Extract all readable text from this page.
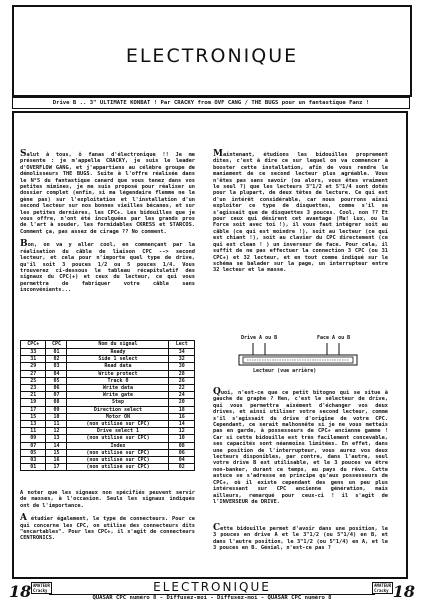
ELECTRONIQUE
Drive B .. 3" ULTIMATE KONBAT ! Par CRACKY from OVF CANG / THE BUGS pour un fantastique Fanz !

Salut à tous, ô fanas d'électronique !! Je me présente : je m'appelle CRACKY, je suis le leader d'OVERFLOW GANG, et j'appartiens au célèbre groupe de démolisseurs THE BUGS. Suite à l'offre réalisée dans le N°5 du fantastique canard que vous tenez dans vos petites mimines, je me suis proposé pour réaliser un dossier complet (enfin, si ma légendaire flemme ne le gène pas) sur l'exploitation et l'installation d'un second lecteur sur nos bonnes vieilles bécanes, et sur les petites dernières, les CPC+. Les bidouilles que je vous offre, n'ont été inculquées par les grands pros de l'art à souder, les formidables CKRESS et STARCOS. Comment ça, pas assez de cirage ?? No comment.

Bon, on va y aller cool, en commençant par la réalisation du câble de liaison CPC --> second lecteur, et cela pour n'importe quel type de drive, qu'il soit 3 pouces 1/2 ou 5 pouces 1/4. Vous trouverez ci-dessous le tableau récapitulatif des signaux du CPC(+) et ceux du lecteur, ce qui vous permettra de fabriquer votre câble sans inconvénients...

CPC+	CPC	Nom du signal	Lect
33	01	Ready	34
31	02	Side 1 select	32
29	03	Read data	30
27	04	Write protect	28
25	05	Track 0	26
23	06	Write data	22
21	07	Write gate	24
19	08	Step	20
17	09	Direction select	18
15	10	Motor ON	16
13	11	(non utilisé sur CPC)	14
11	12	Drive select 1	12
09	13	(non utilisé sur CPC)	10
07	14	Index	08
05	15	(non utilisé sur CPC)	06
03	16	(non utilisé sur CPC)	04
01	17	(non utilisé sur CPC)	02

A noter que les signaux non spécifiés peuvent servir de masses, à l'occasion. Seuls les signaux indiqués ont de l'importance.

A étudier également, le type de connecteurs. Pour ce qui concerne les CPC, on utilise des connecteurs dits "encartables". Pour les CPC+, il s'agit de connecteurs CENTRONICS.

Maintenant, étudions les bidouilles proprement dites, c'est à dire ce sur lequel on va commencer à booster cette installation, afin de vous rendre le maniement de ce second lecteur plus agréable. Vous n'êtes pas sans savoir (ou alors, vous êtes vraiment le seul ?) que les lecteurs 3"1/2 et 5"1/4 sont dotés pour la plupart, de deux têtes de lecture. Ce qui est d'un intérêt considérable, car nous pourrons ainsi exploiter ce type de disquettes, comme s'il se s'agissait que de disquettes 3 pouces. Cool, non ?? Et pour ceux qui désirent cet avantage (Ma! Lux, ou la Force soit avec toi !), il vous faut intégrer soit au câble (ce qui est moindre !), soit au lecteur (ce qui est chiant !), soit au clavier du CPC directement (ce qui est clean ! ) un inverseur de face. Pour cela, il suffit de ne pas effectuer la connection 3 CPC (ou 31 CPC+) et 32 lecteur, et en tout comme indiqué sur le schéma se balader sur la page, un interrupteur entre 32 lecteur et la masse.

Drive A ou B	Face A ou B
Lecteur (vue arrière)

Quoi, n'est-ce que ce petit bitogno qui se situe à gauche du graphe ? Hen, c'est le sélecteur de drive, qui vous permettra aisément d'échanger vos deux drives, et ainsi utiliser votre second lecteur, comme s'il s'agissait du drive d'origine de votre CPC. Cependant, ce serait malhonnête si je ne vous mettais pas en garde, à possesseurs de CPC+ ancienne gamme ! Car si cette bidouille est très facilement concevable, ses capacités sont néanmoins limitées. En effet, dans une position de l'interrupteur, vous aurez vos deux lecteurs disponibles, par contre, dans l'autre, seul votre drive B est utilisable, et le 3 pouces va être non-banker, durant ce temps, au pays du rêve. Cette astuce se s'adresse en principe qu'aux possesseurs de CPC+, où il existe cependant des gens un peu plus intéressant sur CPC ancienne génération, mais ailleurs, remarqué pour ceux-ci ! il s'agit de l'INVERSEUR de DRIVE.

Cette bidouille permet d'avoir dans une position, le 3 pouces en drive A et le 3"1/2 (ou 5"1/4) en B, et dans l'autre position, le 3"1/2 (ou 5"1/4) en A, et le 3 pouces en B. Génial, n'est-ce pas ?

18 AMATEUR
Cracky	ELECTRONIQUE
QUASAR CPC numéro 8 - Diffusez-moi - Diffusez-moi - QUASAR CPC numéro 8
AMATEUR
Cracky 18
